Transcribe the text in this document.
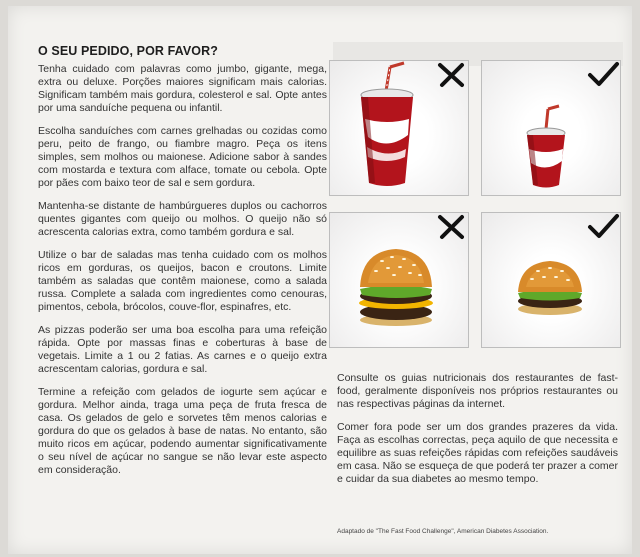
O SEU PEDIDO, POR FAVOR?

Tenha cuidado com palavras como jumbo, gigante, mega, extra ou deluxe. Porções maiores significam mais calorias. Significam também mais gordura, colesterol e sal. Opte antes por uma sanduíche pequena ou infantil.

Escolha sanduíches com carnes grelhadas ou cozidas como peru, peito de frango, ou fiambre magro. Peça os itens simples, sem molhos ou maionese. Adicione sabor à sandes com mostarda e textura com alface, tomate ou cebola. Opte por pães com baixo teor de sal e sem gordura.

Mantenha-se distante de hambúrgueres duplos ou cachorros quentes gigantes com queijo ou molhos. O queijo não só acrescenta calorias extra, como também gordura e sal.

Utilize o bar de saladas mas tenha cuidado com os molhos ricos em gorduras, os queijos, bacon e croutons. Limite também as saladas que contêm maionese, como a salada russa. Complete a salada com ingredientes como cenouras, pimentos, cebola, brócolos, couve-flor, espinafres, etc.

As pizzas poderão ser uma boa escolha para uma refeição rápida. Opte por massas finas e coberturas à base de vegetais. Limite a 1 ou 2 fatias. As carnes e o queijo extra acrescentam calorias, gordura e sal.

Termine a refeição com gelados de iogurte sem açúcar e gordura. Melhor ainda, traga uma peça de fruta fresca de casa. Os gelados de gelo e sorvetes têm menos calorias e gordura do que os gelados à base de natas. No entanto, são muito ricos em açúcar, podendo aumentar significativamente o seu nível de açúcar no sangue se não levar este aspecto em consideração.

Consulte os guias nutricionais dos restaurantes de fast-food, geralmente disponíveis nos próprios restaurantes ou nas respectivas páginas da internet.

Comer fora pode ser um dos grandes prazeres da vida. Faça as escolhas correctas, peça aquilo de que necessita e equilibre as suas refeições rápidas com refeições saudáveis em casa. Não se esqueça de que poderá ter prazer a comer e cuidar da sua diabetes ao mesmo tempo.

Adaptado de "The Fast Food Challenge", American Diabetes Association.
